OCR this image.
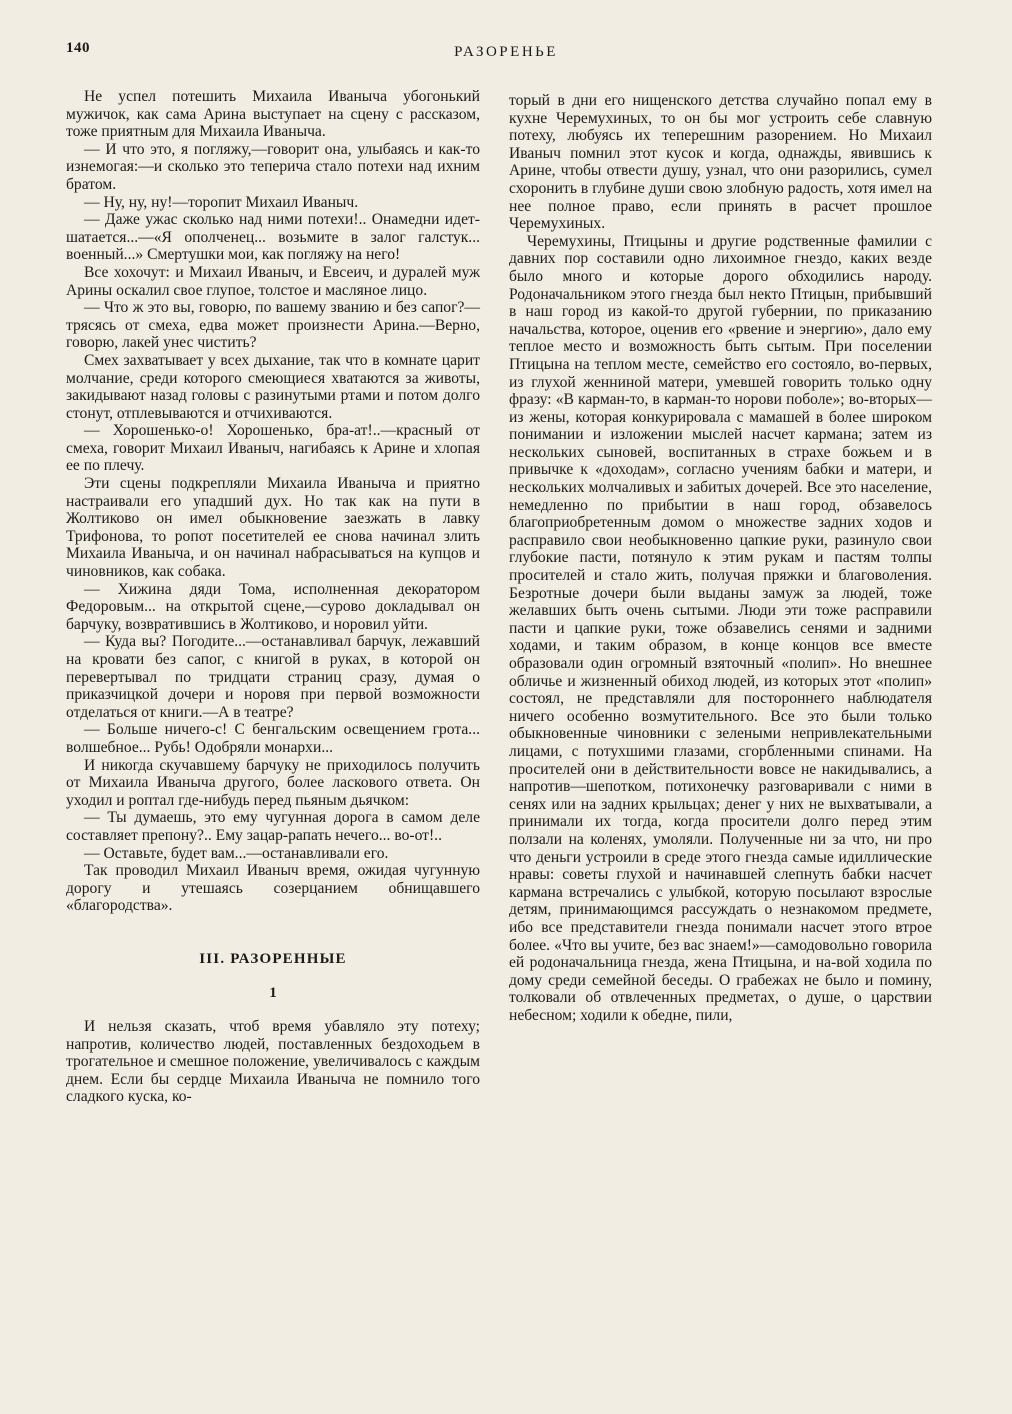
140	РАЗОРЕНЬЕ

Не успел потешить Михаила Иваныча убогонький мужичок, как сама Арина выступает на сцену с рассказом, тоже приятным для Михаила Иваныча.

— И что это, я погляжу,—говорит она, улыбаясь и как-то изнемогая:—и сколько это теперича стало потехи над ихним братом.

— Ну, ну, ну!—торопит Михаил Иваныч.

— Даже ужас сколько над ними потехи!.. Онамедни идет-шатается...—«Я ополченец... возьмите в залог галстук... военный...» Смертушки мои, как погляжу на него!

Все хохочут: и Михаил Иваныч, и Евсеич, и дуралей муж Арины оскалил свое глупое, толстое и масляное лицо.

— Что ж это вы, говорю, по вашему званию и без сапог?—трясясь от смеха, едва может произнести Арина.—Верно, говорю, лакей унес чистить?

Смех захватывает у всех дыхание, так что в комнате царит молчание, среди которого смеющиеся хватаются за животы, закидывают назад головы с разинутыми ртами и потом долго стонут, отплевываются и отчихиваются.

— Хорошенько-о! Хорошенько, бра-ат!..—красный от смеха, говорит Михаил Иваныч, нагибаясь к Арине и хлопая ее по плечу.

Эти сцены подкрепляли Михаила Иваныча и приятно настраивали его упадший дух. Но так как на пути в Жолтиково он имел обыкновение заезжать в лавку Трифонова, то ропот посетителей ее снова начинал злить Михаила Иваныча, и он начинал набрасываться на купцов и чиновников, как собака.

— Хижина дяди Тома, исполненная декоратором Федоровым... на открытой сцене,—сурово докладывал он барчуку, возвратившись в Жолтиково, и норовил уйти.

— Куда вы? Погодите...—останавливал барчук, лежавший на кровати без сапог, с книгой в руках, в которой он перевертывал по тридцати страниц сразу, думая о приказчицкой дочери и норовя при первой возможности отделаться от книги.—А в театре?

— Больше ничего-с! С бенгальским освещением грота... волшебное... Рубь! Одобряли монархи...

И никогда скучавшему барчуку не приходилось получить от Михаила Иваныча другого, более ласкового ответа. Он уходил и роптал где-нибудь перед пьяным дьячком:

— Ты думаешь, это ему чугунная дорога в самом деле составляет препону?.. Ему зацар-рапать нечего... во-от!..

— Оставьте, будет вам...—останавливали его.

Так проводил Михаил Иваныч время, ожидая чугунную дорогу и утешаясь созерцанием обнищавшего «благородства».

III. РАЗОРЕННЫЕ
1

И нельзя сказать, чтоб время убавляло эту потеху; напротив, количество людей, поставленных бездоходьем в трогательное и смешное положение, увеличивалось с каждым днем. Если бы сердце Михаила Иваныча не помнило того сладкого куска, ко-

торый в дни его нищенского детства случайно попал ему в кухне Черемухиных, то он бы мог устроить себе славную потеху, любуясь их теперешним разорением. Но Михаил Иваныч помнил этот кусок и когда, однажды, явившись к Арине, чтобы отвести душу, узнал, что они разорились, сумел схоронить в глубине души свою злобную радость, хотя имел на нее полное право, если принять в расчет прошлое Черемухиных.

Черемухины, Птицыны и другие родственные фамилии с давних пор составили одно лихоимное гнездо, каких везде было много и которые дорого обходились народу. Родоначальником этого гнезда был некто Птицын, прибывший в наш город из какой-то другой губернии, по приказанию начальства, которое, оценив его «рвение и энергию», дало ему теплое место и возможность быть сытым. При поселении Птицына на теплом месте, семейство его состояло, во-первых, из глухой женниной матери, умевшей говорить только одну фразу: «В карман-то, в карман-то норови поболе»; во-вторых—из жены, которая конкурировала с мамашей в более широком понимании и изложении мыслей насчет кармана; затем из нескольких сыновей, воспитанных в страхе божьем и в привычке к «доходам», согласно учениям бабки и матери, и нескольких молчаливых и забитых дочерей. Все это население, немедленно по прибытии в наш город, обзавелось благоприобретенным домом о множестве задних ходов и расправило свои необыкновенно цапкие руки, разинуло свои глубокие пасти, потянуло к этим рукам и пастям толпы просителей и стало жить, получая пряжки и благоволения. Безротные дочери были выданы замуж за людей, тоже желавших быть очень сытыми. Люди эти тоже расправили пасти и цапкие руки, тоже обзавелись сенями и задними ходами, и таким образом, в конце концов все вместе образовали один огромный взяточный «полип». Но внешнее обличье и жизненный обиход людей, из которых этот «полип» состоял, не представляли для постороннего наблюдателя ничего особенно возмутительного. Все это были только обыкновенные чиновники с зелеными непривлекательными лицами, с потухшими глазами, сгорбленными спинами. На просителей они в действительности вовсе не накидывались, а напротив—шепотком, потихонечку разговаривали с ними в сенях или на задних крыльцах; денег у них не выхватывали, а принимали их тогда, когда просители долго перед этим ползали на коленях, умоляли. Полученные ни за что, ни про что деньги устроили в среде этого гнезда самые идиллические нравы: советы глухой и начинавшей слепнуть бабки насчет кармана встречались с улыбкой, которую посылают взрослые детям, принимающимся рассуждать о незнакомом предмете, ибо все представители гнезда понимали насчет этого втрое более. «Что вы учите, без вас знаем!»—самодовольно говорила ей родоначальница гнезда, жена Птицына, и на-вой ходила по дому среди семейной беседы. О грабежах не было и помину, толковали об отвлеченных предметах, о душе, о царствии небесном; ходили к обедне, пили,
